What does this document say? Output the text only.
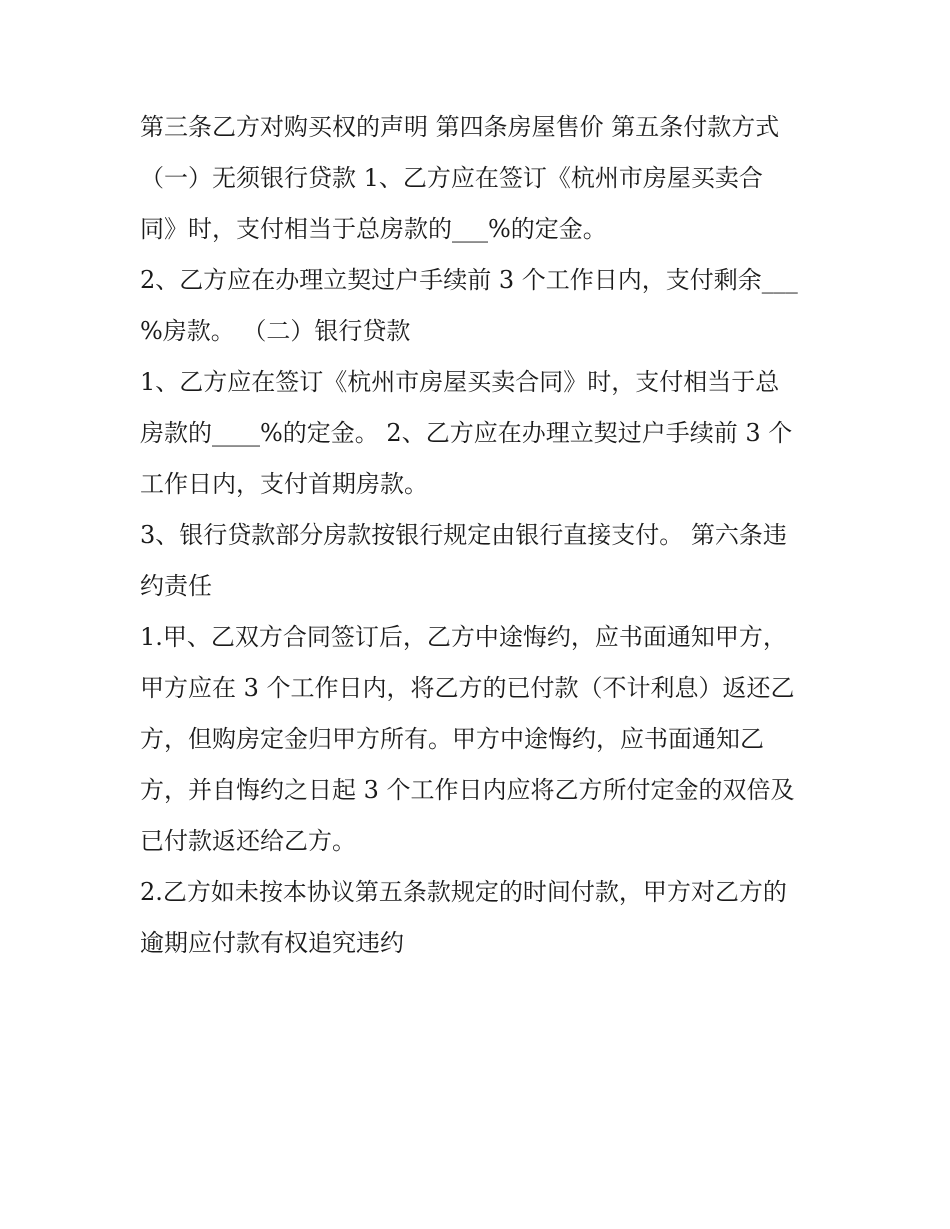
第三条乙方对购买权的声明 第四条房屋售价 第五条付款方式
（一）无须银行贷款 1、乙方应在签订《杭州市房屋买卖合
同》时，支付相当于总房款的___%的定金。
2、乙方应在办理立契过户手续前 3 个工作日内，支付剩余___
%房款。 （二）银行贷款
1、乙方应在签订《杭州市房屋买卖合同》时，支付相当于总
房款的____%的定金。 2、乙方应在办理立契过户手续前 3 个
工作日内，支付首期房款。
3、银行贷款部分房款按银行规定由银行直接支付。 第六条违
约责任
1.甲、乙双方合同签订后，乙方中途悔约，应书面通知甲方，
甲方应在 3 个工作日内，将乙方的已付款（不计利息）返还乙
方，但购房定金归甲方所有。甲方中途悔约，应书面通知乙
方，并自悔约之日起 3 个工作日内应将乙方所付定金的双倍及
已付款返还给乙方。
2.乙方如未按本协议第五条款规定的时间付款，甲方对乙方的
逾期应付款有权追究违约
